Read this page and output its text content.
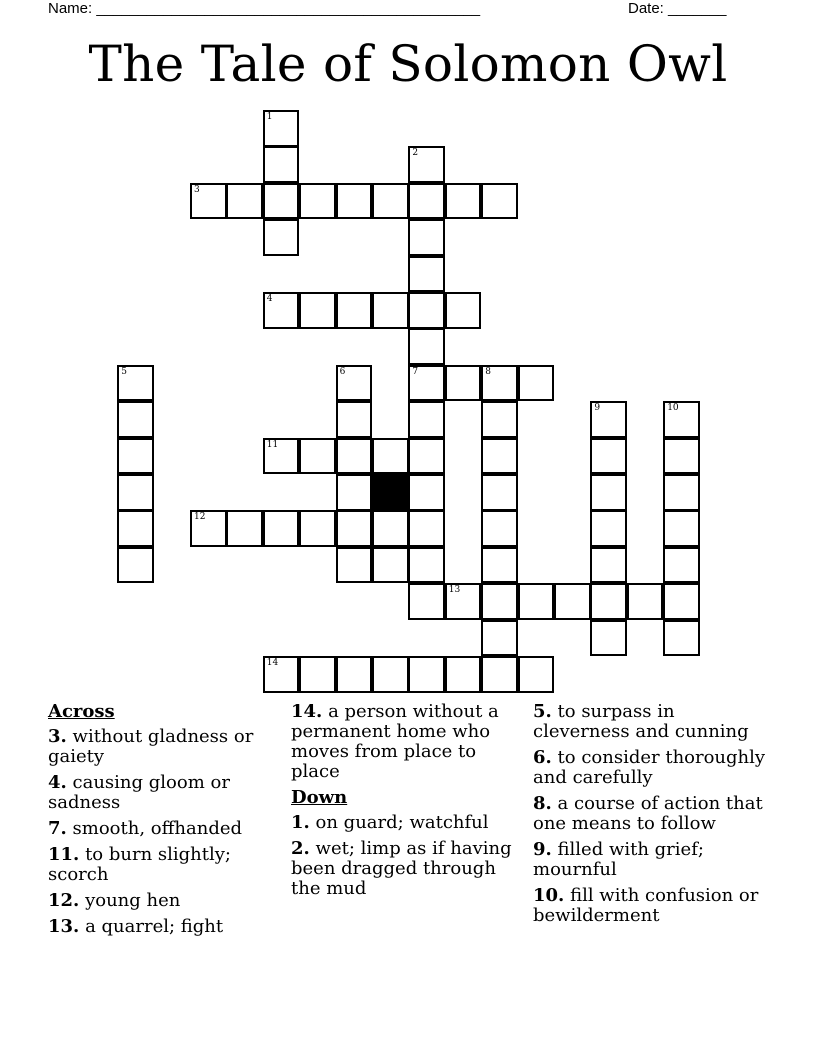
Name: ______________________________________________	Date: _______
The Tale of Solomon Owl
1
2
7
3
4
5	6	8
9	10
11
12
13
14
Across
3. without gladness or gaiety
4. causing gloom or sadness
7. smooth, offhanded
11. to burn slightly; scorch
12. young hen
13. a quarrel; fight
14. a person without a permanent home who moves from place to place
Down
1. on guard; watchful
2. wet; limp as if having been dragged through the mud
5. to surpass in cleverness and cunning
6. to consider thoroughly and carefully
8. a course of action that one means to follow
9. filled with grief; mournful
10. fill with confusion or bewilderment
